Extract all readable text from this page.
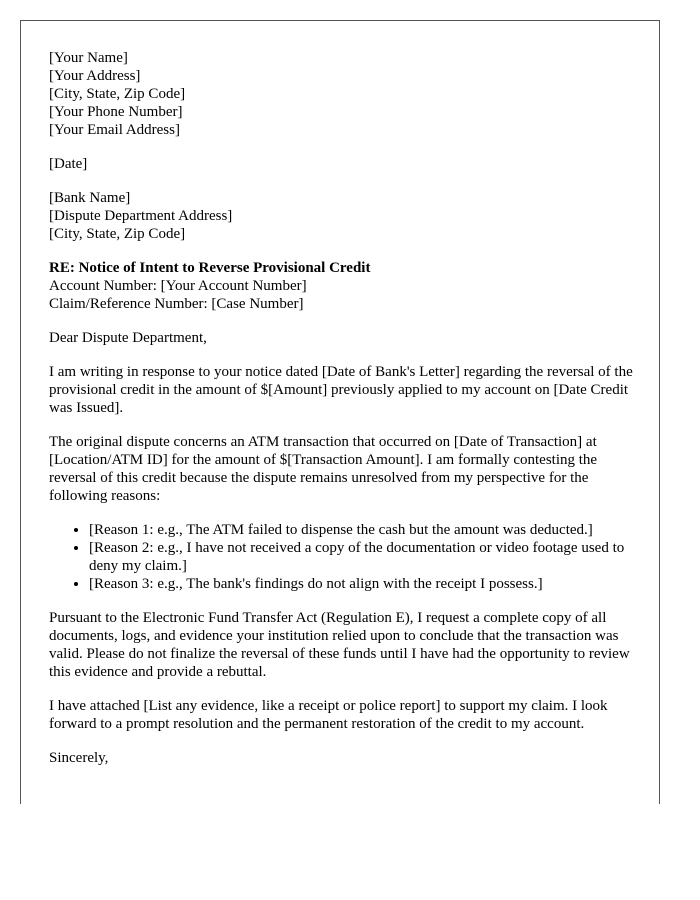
[Your Name]
[Your Address]
[City, State, Zip Code]
[Your Phone Number]
[Your Email Address]
[Date]
[Bank Name]
[Dispute Department Address]
[City, State, Zip Code]
RE: Notice of Intent to Reverse Provisional Credit
Account Number: [Your Account Number]
Claim/Reference Number: [Case Number]

Dear Dispute Department,

I am writing in response to your notice dated [Date of Bank's Letter] regarding the reversal of the provisional credit in the amount of $[Amount] previously applied to my account on [Date Credit was Issued].

The original dispute concerns an ATM transaction that occurred on [Date of Transaction] at [Location/ATM ID] for the amount of $[Transaction Amount]. I am formally contesting the reversal of this credit because the dispute remains unresolved from my perspective for the following reasons:

• [Reason 1: e.g., The ATM failed to dispense the cash but the amount was deducted.]
• [Reason 2: e.g., I have not received a copy of the documentation or video footage used to deny my claim.]
• [Reason 3: e.g., The bank's findings do not align with the receipt I possess.]

Pursuant to the Electronic Fund Transfer Act (Regulation E), I request a complete copy of all documents, logs, and evidence your institution relied upon to conclude that the transaction was valid. Please do not finalize the reversal of these funds until I have had the opportunity to review this evidence and provide a rebuttal.

I have attached [List any evidence, like a receipt or police report] to support my claim. I look forward to a prompt resolution and the permanent restoration of the credit to my account.

Sincerely,
